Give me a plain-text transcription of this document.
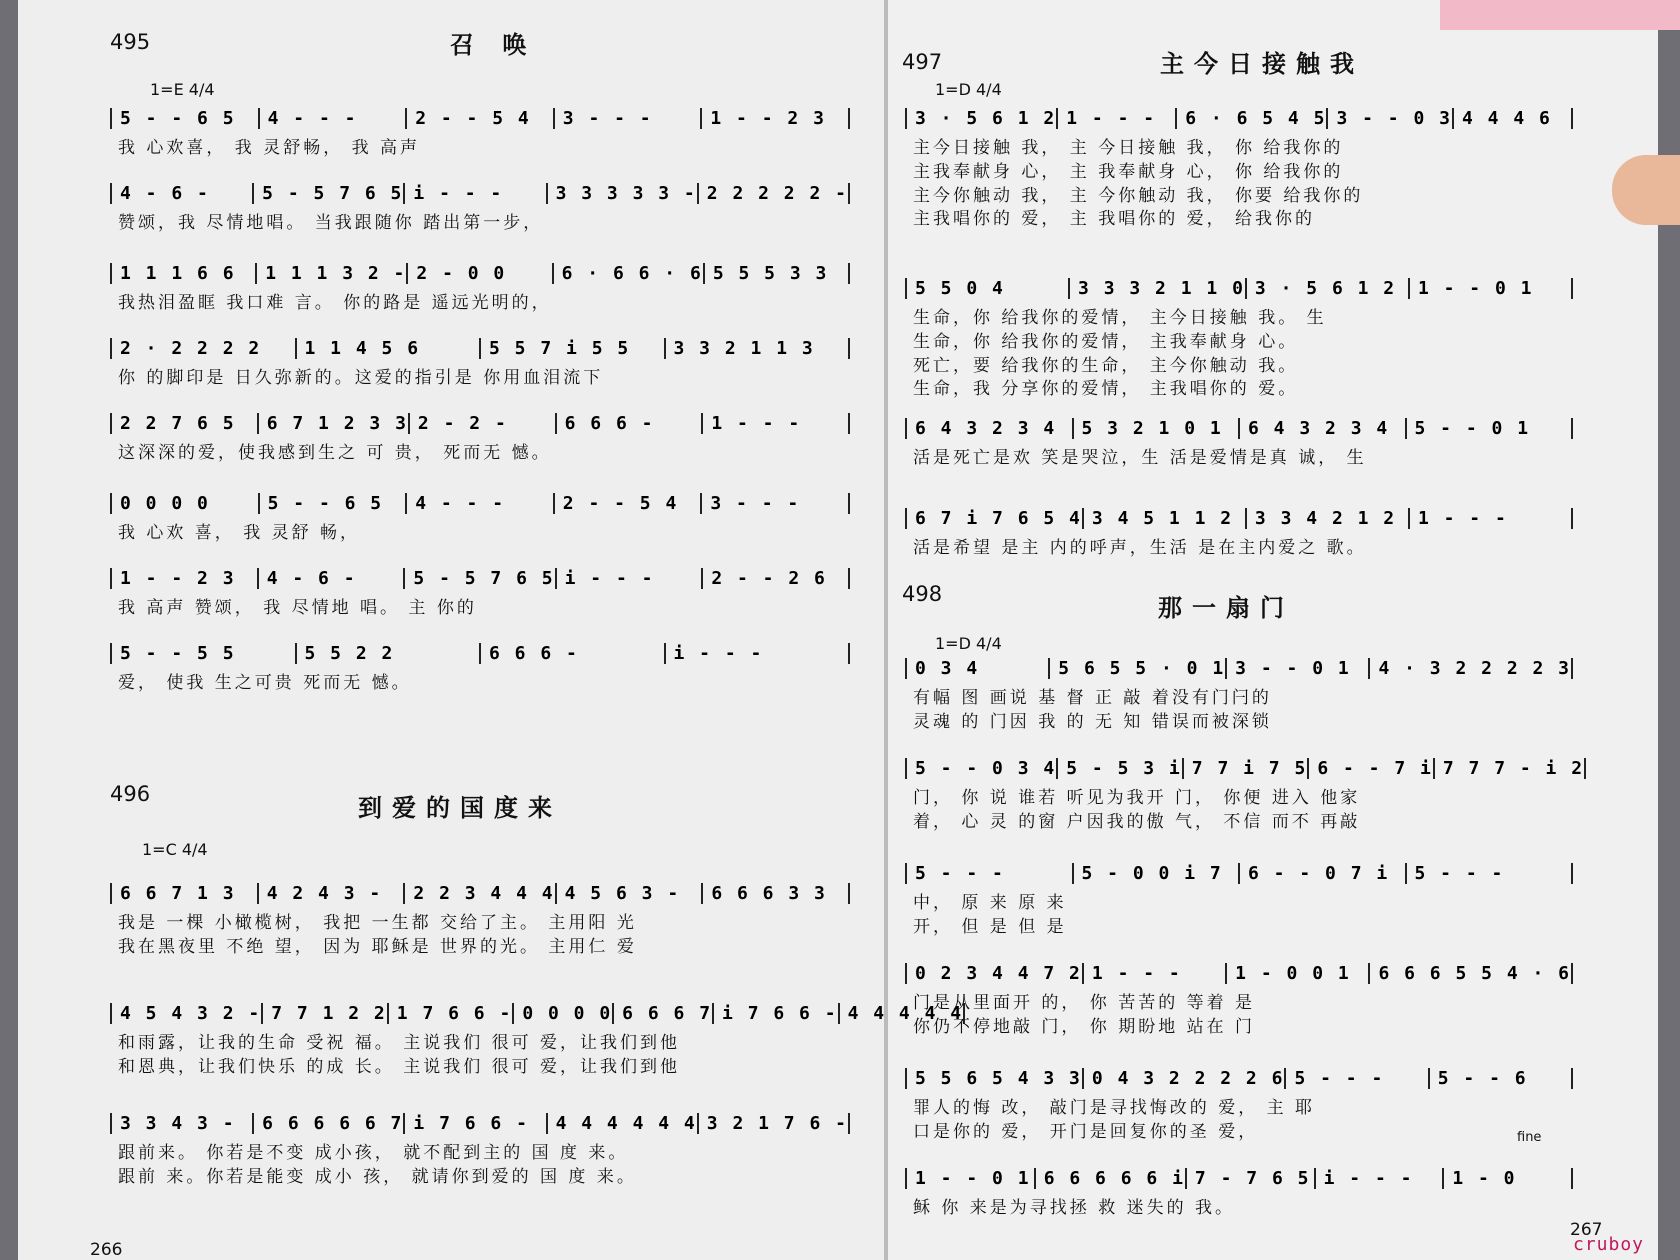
266
495	召 唤
1=E 4/4
5 - - 6 5	4 - - -	2 - - 5 4	3 - - -	1 - - 2 3
我 心欢喜， 我 灵舒畅， 我 高声
4 - 6 -	5 - 5 7 6 5 i - - -	3 3 3 3 3 - 2 2 2 2 2 -
赞颂，我 尽情地唱。 当我跟随你 踏出第一步，
1 1 1 6 6	1 1 1 3 2 - 2 - 0 0	6 · 6 6 · 6 5 5 5 3 3
我热泪盈眶 我口难 言。 你的路是 遥远光明的，
2 · 2 2 2 2	1 1 4 5 6	5 5 7 i 5 5	3 3 2 1 1 3
你 的脚印是 日久弥新的。这爱的指引是 你用血泪流下
2 2 7 6 5	6 7 1 2 3 3 2 - 2 -	6 6 6 -	1 - - -
这深深的爱，使我感到生之 可 贵， 死而无 憾。
0 0 0 0	5 - - 6 5	4 - - -	2 - - 5 4	3 - - -
我 心欢 喜， 我 灵舒 畅，
1 - - 2 3	4 - 6 -	5 - 5 7 6 5 i - - -	2 - - 2 6
我 高声 赞颂， 我 尽情地 唱。 主 你的
5 - - 5 5	5 5 2 2	6 6 6 -	i - - -
爱， 使我 生之可贵 死而无 憾。
496	到爱的国度来
1=C 4/4
6 6 7 1 3	4 2 4 3 -	2 2 3 4 4 4 4 5 6 3 -	6 6 6 3 3
我是 一棵 小橄榄树， 我把 一生都 交给了主。 主用阳 光
我在黑夜里 不绝 望， 因为 耶稣是 世界的光。 主用仁 爱
4 5 4 3 2 - 7 7 1 2 2 1 7 6 6 - 0 0 0 0 6 6 6 7 i 7 6 6 - 4 4 4 4 4
和雨露，让我的生命 受祝 福。 主说我们 很可 爱，让我们到他
和恩典，让我们快乐 的成 长。 主说我们 很可 爱，让我们到他
3 3 4 3 -	6 6 6 6 6 7 i 7 6 6 -	4 4 4 4 4 4 3 2 1 7 6 -
跟前来。 你若是不变 成小孩， 就不配到主的 国 度 来。
跟前 来。你若是能变 成小 孩， 就请你到爱的 国 度 来。
267
497	主今日接触我
1=D 4/4
3 · 5 6 1 2 1 - - -	6 · 6 5 4 5 3 - - 0 3 4 4 4 6
主今日接触 我， 主 今日接触 我， 你 给我你的
主我奉献身 心， 主 我奉献身 心， 你 给我你的
主今你触动 我， 主 今你触动 我， 你要 给我你的
主我唱你的 爱， 主 我唱你的 爱， 给我你的
5 5 0 4	3 3 3 2 1 1 0 3 · 5 6 1 2	1 - - 0 1
生命，你 给我你的爱情， 主今日接触 我。 生
生命，你 给我你的爱情， 主我奉献身 心。
死亡，要 给我你的生命， 主今你触动 我。
生命，我 分享你的爱情， 主我唱你的 爱。
6 4 3 2 3 4	5 3 2 1 0 1	6 4 3 2 3 4	5 - - 0 1
活是死亡是欢 笑是哭泣，生 活是爱情是真 诚， 生
6 7 i 7 6 5 4 3 4 5 1 1 2	3 3 4 2 1 2	1 - - -
活是希望 是主 内的呼声，生活 是在主内爱之 歌。
498	那一扇门
1=D 4/4
0 3 4	5 6 5 5 · 0 1 3 - - 0 1	4 · 3 2 2 2 2 3
有幅 图 画说 基 督 正 敲 着没有门闩的
灵魂 的 门因 我 的 无 知 错误而被深锁
5 - - 0 3 4 5 - 5 3 i 7 7 i 7 5 6 - - 7 i 7 7 7 - i 2
门， 你 说 谁若 听见为我开 门， 你便 进入 他家
着， 心 灵 的窗 户因我的傲 气， 不信 而不 再敲
5 - - -	5 - 0 0 i 7	6 - - 0 7 i	5 - - -
中， 原 来 原 来
开， 但 是 但 是
0 2 3 4 4 7 2 1 - - -	1 - 0 0 1	6 6 6 5 5 4 · 6
门是从里面开 的， 你 苦苦的 等着 是
你仍不停地敲 门， 你 期盼地 站在 门
5 5 6 5 4 3 3 0 4 3 2 2 2 2 6 5 - - -	5 - - 6
罪人的悔 改， 敲门是寻找悔改的 爱， 主 耶
口是你的 爱， 开门是回复你的圣 爱，
1 - - 0 1 6 6 6 6 6 i 7 - 7 6 5 i - - -	1 - 0
稣 你 来是为寻找拯 救 迷失的 我。
fine
cruboy
